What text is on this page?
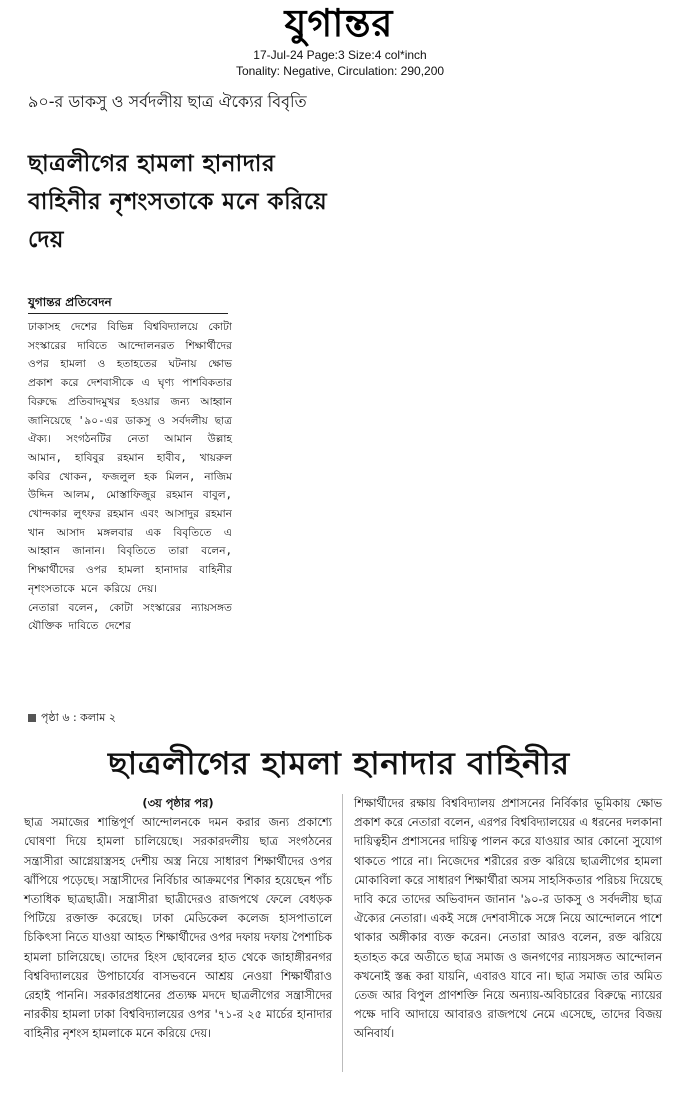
যুগান্তর
17-Jul-24 Page:3 Size:4 col*inch
Tonality: Negative, Circulation: 290,200
৯০-র ডাকসু ও সর্বদলীয় ছাত্র ঐক্যের বিবৃতি
ছাত্রলীগের হামলা হানাদার বাহিনীর নৃশংসতাকে মনে করিয়ে দেয়
যুগান্তর প্রতিবেদন

ঢাকাসহ দেশের বিভিন্ন বিশ্ববিদ্যালয়ে কোটা সংস্কারের দাবিতে আন্দোলনরত শিক্ষার্থীদের ওপর হামলা ও হতাহতের ঘটনায় ক্ষোভ প্রকাশ করে দেশবাসীকে এ ঘৃণ্য পাশবিকতার বিরুদ্ধে প্রতিবাদমুখর হওয়ার জন্য আহ্বান জানিয়েছে '৯০-এর ডাকসু ও সর্বদলীয় ছাত্র ঐক্য। সংগঠনটির নেতা আমান উল্লাহ আমান, হাবিবুর রহমান হাবীব, খায়রুল কবির খোকন, ফজলুল হক মিলন, নাজিম উদ্দিন আলম, মোস্তাফিজুর রহমান বাবুল, খোন্দকার লুৎফর রহমান এবং আসাদুর রহমান খান আসাদ মঙ্গলবার এক বিবৃতিতে এ আহ্বান জানান। বিবৃতিতে তারা বলেন, শিক্ষার্থীদের ওপর হামলা হানাদার বাহিনীর নৃশংসতাকে মনে করিয়ে দেয়।

নেতারা বলেন, কোটা সংস্কারের ন্যায়সঙ্গত যৌক্তিক দাবিতে দেশের

পৃষ্ঠা ৬ : কলাম ২
ছাত্রলীগের হামলা হানাদার বাহিনীর
(৩য় পৃষ্ঠার পর)

ছাত্র সমাজের শান্তিপূর্ণ আন্দোলনকে দমন করার জন্য প্রকাশ্যে ঘোষণা দিয়ে হামলা চালিয়েছে। সরকারদলীয় ছাত্র সংগঠনের সন্ত্রাসীরা আগ্নেয়াস্ত্রসহ দেশীয় অস্ত্র নিয়ে সাধারণ শিক্ষার্থীদের ওপর ঝাঁপিয়ে পড়েছে। সন্ত্রাসীদের নির্বিচার আক্রমণের শিকার হয়েছেন পাঁচ শতাধিক ছাত্রছাত্রী। সন্ত্রাসীরা ছাত্রীদেরও রাজপথে ফেলে বেধড়ক পিটিয়ে রক্তাক্ত করেছে। ঢাকা মেডিকেল কলেজ হাসপাতালে চিকিৎসা নিতে যাওয়া আহত শিক্ষার্থীদের ওপর দফায় দফায় পৈশাচিক হামলা চালিয়েছে। তাদের হিংস ছোবলের হাত থেকে জাহাঙ্গীরনগর বিশ্ববিদ্যালয়ের উপাচার্যের বাসভবনে আশ্রয় নেওয়া শিক্ষার্থীরাও রেহাই পাননি। সরকারপ্রধানের প্রত্যক্ষ মদদে ছাত্রলীগের সন্ত্রাসীদের নারকীয় হামলা ঢাকা বিশ্ববিদ্যালয়ের ওপর '৭১-র ২৫ মার্চের হানাদার বাহিনীর নৃশংস হামলাকে মনে করিয়ে দেয়।

শিক্ষার্থীদের রক্ষায় বিশ্ববিদ্যালয় প্রশাসনের নির্বিকার ভূমিকায় ক্ষোভ প্রকাশ করে নেতারা বলেন, এরপর বিশ্ববিদ্যালয়ের এ ধরনের দলকানা দায়িত্বহীন প্রশাসনের দায়িত্ব পালন করে যাওয়ার আর কোনো সুযোগ থাকতে পারে না। নিজেদের শরীরের রক্ত ঝরিয়ে ছাত্রলীগের হামলা মোকাবিলা করে সাধারণ শিক্ষার্থীরা অসম সাহসিকতার পরিচয় দিয়েছে দাবি করে তাদের অভিবাদন জানান '৯০-র ডাকসু ও সর্বদলীয় ছাত্র ঐক্যের নেতারা। একই সঙ্গে দেশবাসীকে সঙ্গে নিয়ে আন্দোলনে পাশে থাকার অঙ্গীকার ব্যক্ত করেন। নেতারা আরও বলেন, রক্ত ঝরিয়ে হতাহত করে অতীতে ছাত্র সমাজ ও জনগণের ন্যায়সঙ্গত আন্দোলন কখনোই স্তব্ধ করা যায়নি, এবারও যাবে না। ছাত্র সমাজ তার অমিত তেজ আর বিপুল প্রাণশক্তি নিয়ে অন্যায়-অবিচারের বিরুদ্ধে ন্যায়ের পক্ষে দাবি আদায়ে আবারও রাজপথে নেমে এসেছে, তাদের বিজয় অনিবার্য।
